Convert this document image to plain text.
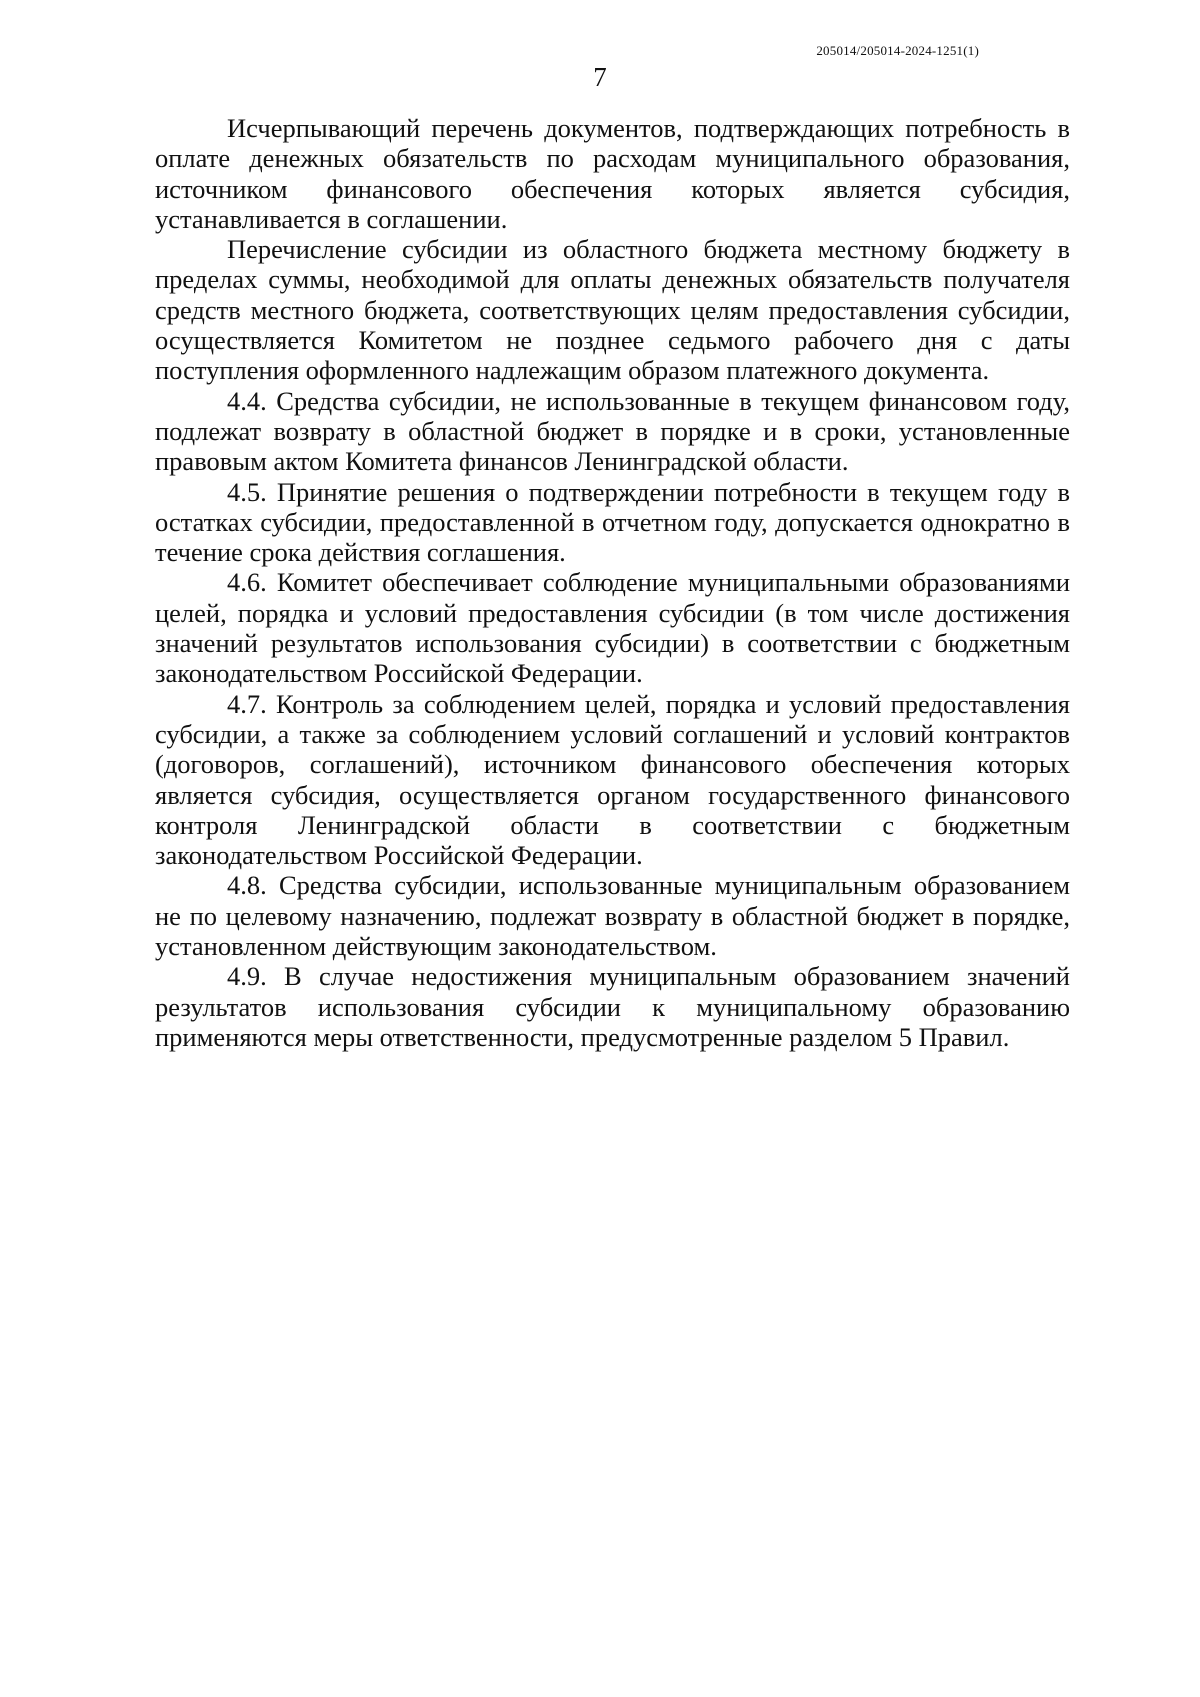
205014/205014-2024-1251(1)
7

Исчерпывающий перечень документов, подтверждающих потребность в оплате денежных обязательств по расходам муниципального образования, источником финансового обеспечения которых является субсидия, устанавливается в соглашении.

Перечисление субсидии из областного бюджета местному бюджету в пределах суммы, необходимой для оплаты денежных обязательств получателя средств местного бюджета, соответствующих целям предоставления субсидии, осуществляется Комитетом не позднее седьмого рабочего дня с даты поступления оформленного надлежащим образом платежного документа.

4.4. Средства субсидии, не использованные в текущем финансовом году, подлежат возврату в областной бюджет в порядке и в сроки, установленные правовым актом Комитета финансов Ленинградской области.

4.5. Принятие решения о подтверждении потребности в текущем году в остатках субсидии, предоставленной в отчетном году, допускается однократно в течение срока действия соглашения.

4.6. Комитет обеспечивает соблюдение муниципальными образованиями целей, порядка и условий предоставления субсидии (в том числе достижения значений результатов использования субсидии) в соответствии с бюджетным законодательством Российской Федерации.

4.7. Контроль за соблюдением целей, порядка и условий предоставления субсидии, а также за соблюдением условий соглашений и условий контрактов (договоров, соглашений), источником финансового обеспечения которых является субсидия, осуществляется органом государственного финансового контроля Ленинградской области в соответствии с бюджетным законодательством Российской Федерации.

4.8. Средства субсидии, использованные муниципальным образованием не по целевому назначению, подлежат возврату в областной бюджет в порядке, установленном действующим законодательством.

4.9. В случае недостижения муниципальным образованием значений результатов использования субсидии к муниципальному образованию применяются меры ответственности, предусмотренные разделом 5 Правил.
